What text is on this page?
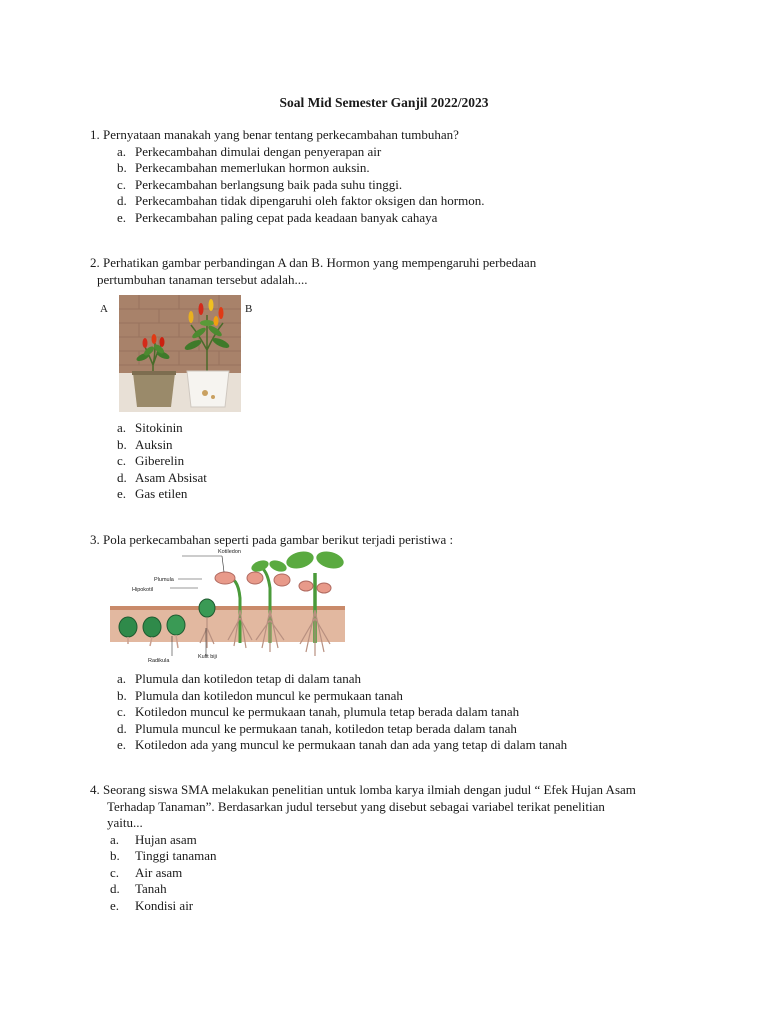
Soal Mid Semester Ganjil 2022/2023

1. Pernyataan manakah yang benar tentang perkecambahan tumbuhan?

a. Perkecambahan dimulai dengan penyerapan air
b. Perkecambahan memerlukan hormon auksin.
c. Perkecambahan berlangsung baik pada suhu tinggi.
d. Perkecambahan tidak dipengaruhi oleh faktor oksigen dan hormon.
e. Perkecambahan paling cepat pada keadaan banyak cahaya

2. Perhatikan gambar perbandingan A dan B. Hormon yang mempengaruhi perbedaan

pertumbuhan tanaman tersebut adalah....

A	B
a. Sitokinin
b. Auksin
c. Giberelin
d. Asam Absisat
e. Gas etilen

3. Pola perkecambahan seperti pada gambar berikut terjadi peristiwa :

Kotiledon
Plumula
Hipokotil
Radikula
Kulit biji
a. Plumula dan kotiledon tetap di dalam tanah
b. Plumula dan kotiledon muncul ke permukaan tanah
c. Kotiledon muncul ke permukaan tanah, plumula tetap berada dalam tanah
d. Plumula muncul ke permukaan tanah, kotiledon tetap berada dalam tanah
e. Kotiledon ada yang muncul ke permukaan tanah dan ada yang tetap di dalam tanah

4. Seorang siswa SMA melakukan penelitian untuk lomba karya ilmiah dengan judul “ Efek Hujan Asam

Terhadap Tanaman”. Berdasarkan judul tersebut yang disebut sebagai variabel terikat penelitian

yaitu...

a. Hujan asam
b. Tinggi tanaman
c. Air asam
d. Tanah
e. Kondisi air
